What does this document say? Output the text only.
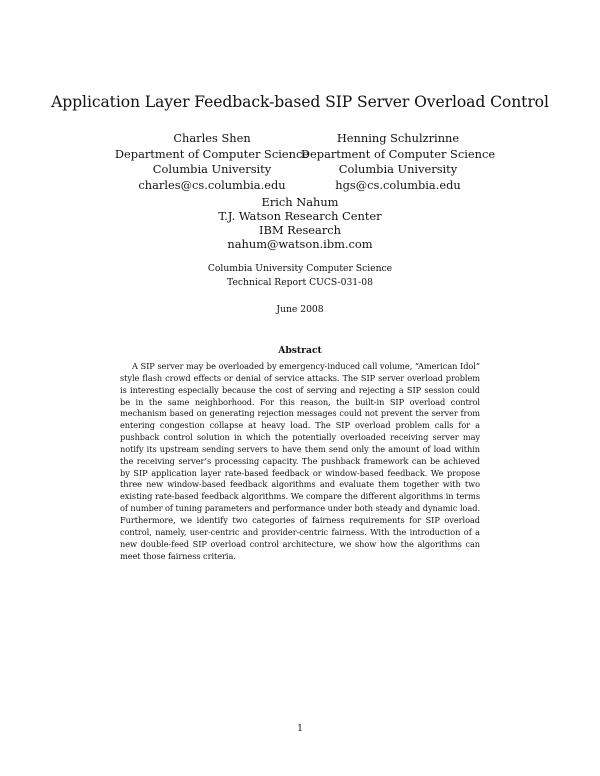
Application Layer Feedback-based SIP Server Overload Control
Charles Shen
Department of Computer Science
Columbia University
charles@cs.columbia.edu
Henning Schulzrinne
Department of Computer Science
Columbia University
hgs@cs.columbia.edu
Erich Nahum
T.J. Watson Research Center
IBM Research
nahum@watson.ibm.com
Columbia University Computer Science
Technical Report CUCS-031-08
June 2008
Abstract
A SIP server may be overloaded by emergency-induced call volume, “American Idol” style flash crowd effects or denial of service attacks. The SIP server overload problem is interesting especially because the cost of serving and rejecting a SIP session could be in the same neighborhood. For this reason, the built-in SIP overload control mechanism based on generating rejection messages could not prevent the server from entering congestion collapse at heavy load. The SIP overload problem calls for a pushback control solution in which the potentially overloaded receiving server may notify its upstream sending servers to have them send only the amount of load within the receiving server’s processing capacity. The pushback framework can be achieved by SIP application layer rate-based feedback or window-based feedback. We propose three new window-based feedback algorithms and evaluate them together with two existing rate-based feedback algorithms. We compare the different algorithms in terms of number of tuning parameters and performance under both steady and dynamic load. Furthermore, we identify two categories of fairness requirements for SIP overload control, namely, user-centric and provider-centric fairness. With the introduction of a new double-feed SIP overload control architecture, we show how the algorithms can meet those fairness criteria.
1
